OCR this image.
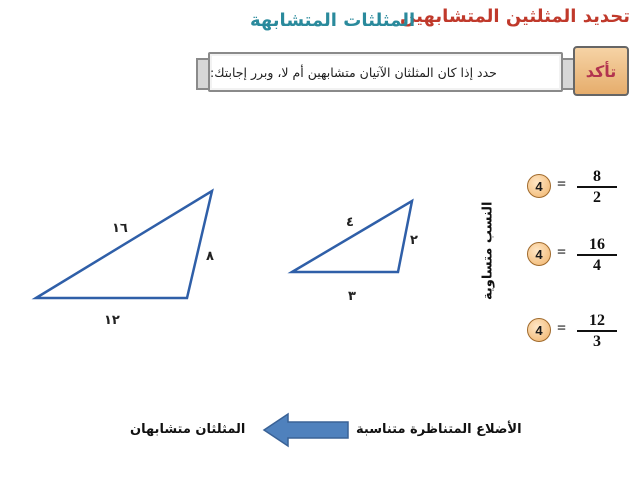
تحديد المثلثين المتشابهين
المثلثات المتشابهة
حدد إذا كان المثلثان الآتيان متشابهين أم لا، وبرر إجابتك:	تأكد
١٦
٨
١٢
٤
٢
٣	النسب متساوية
$4 = \frac{8}{2}$
$4 = \frac{16}{4}$
$4 = \frac{12}{3}$
الأضلاع المتناظرة متناسبة
المثلثان متشابهان
